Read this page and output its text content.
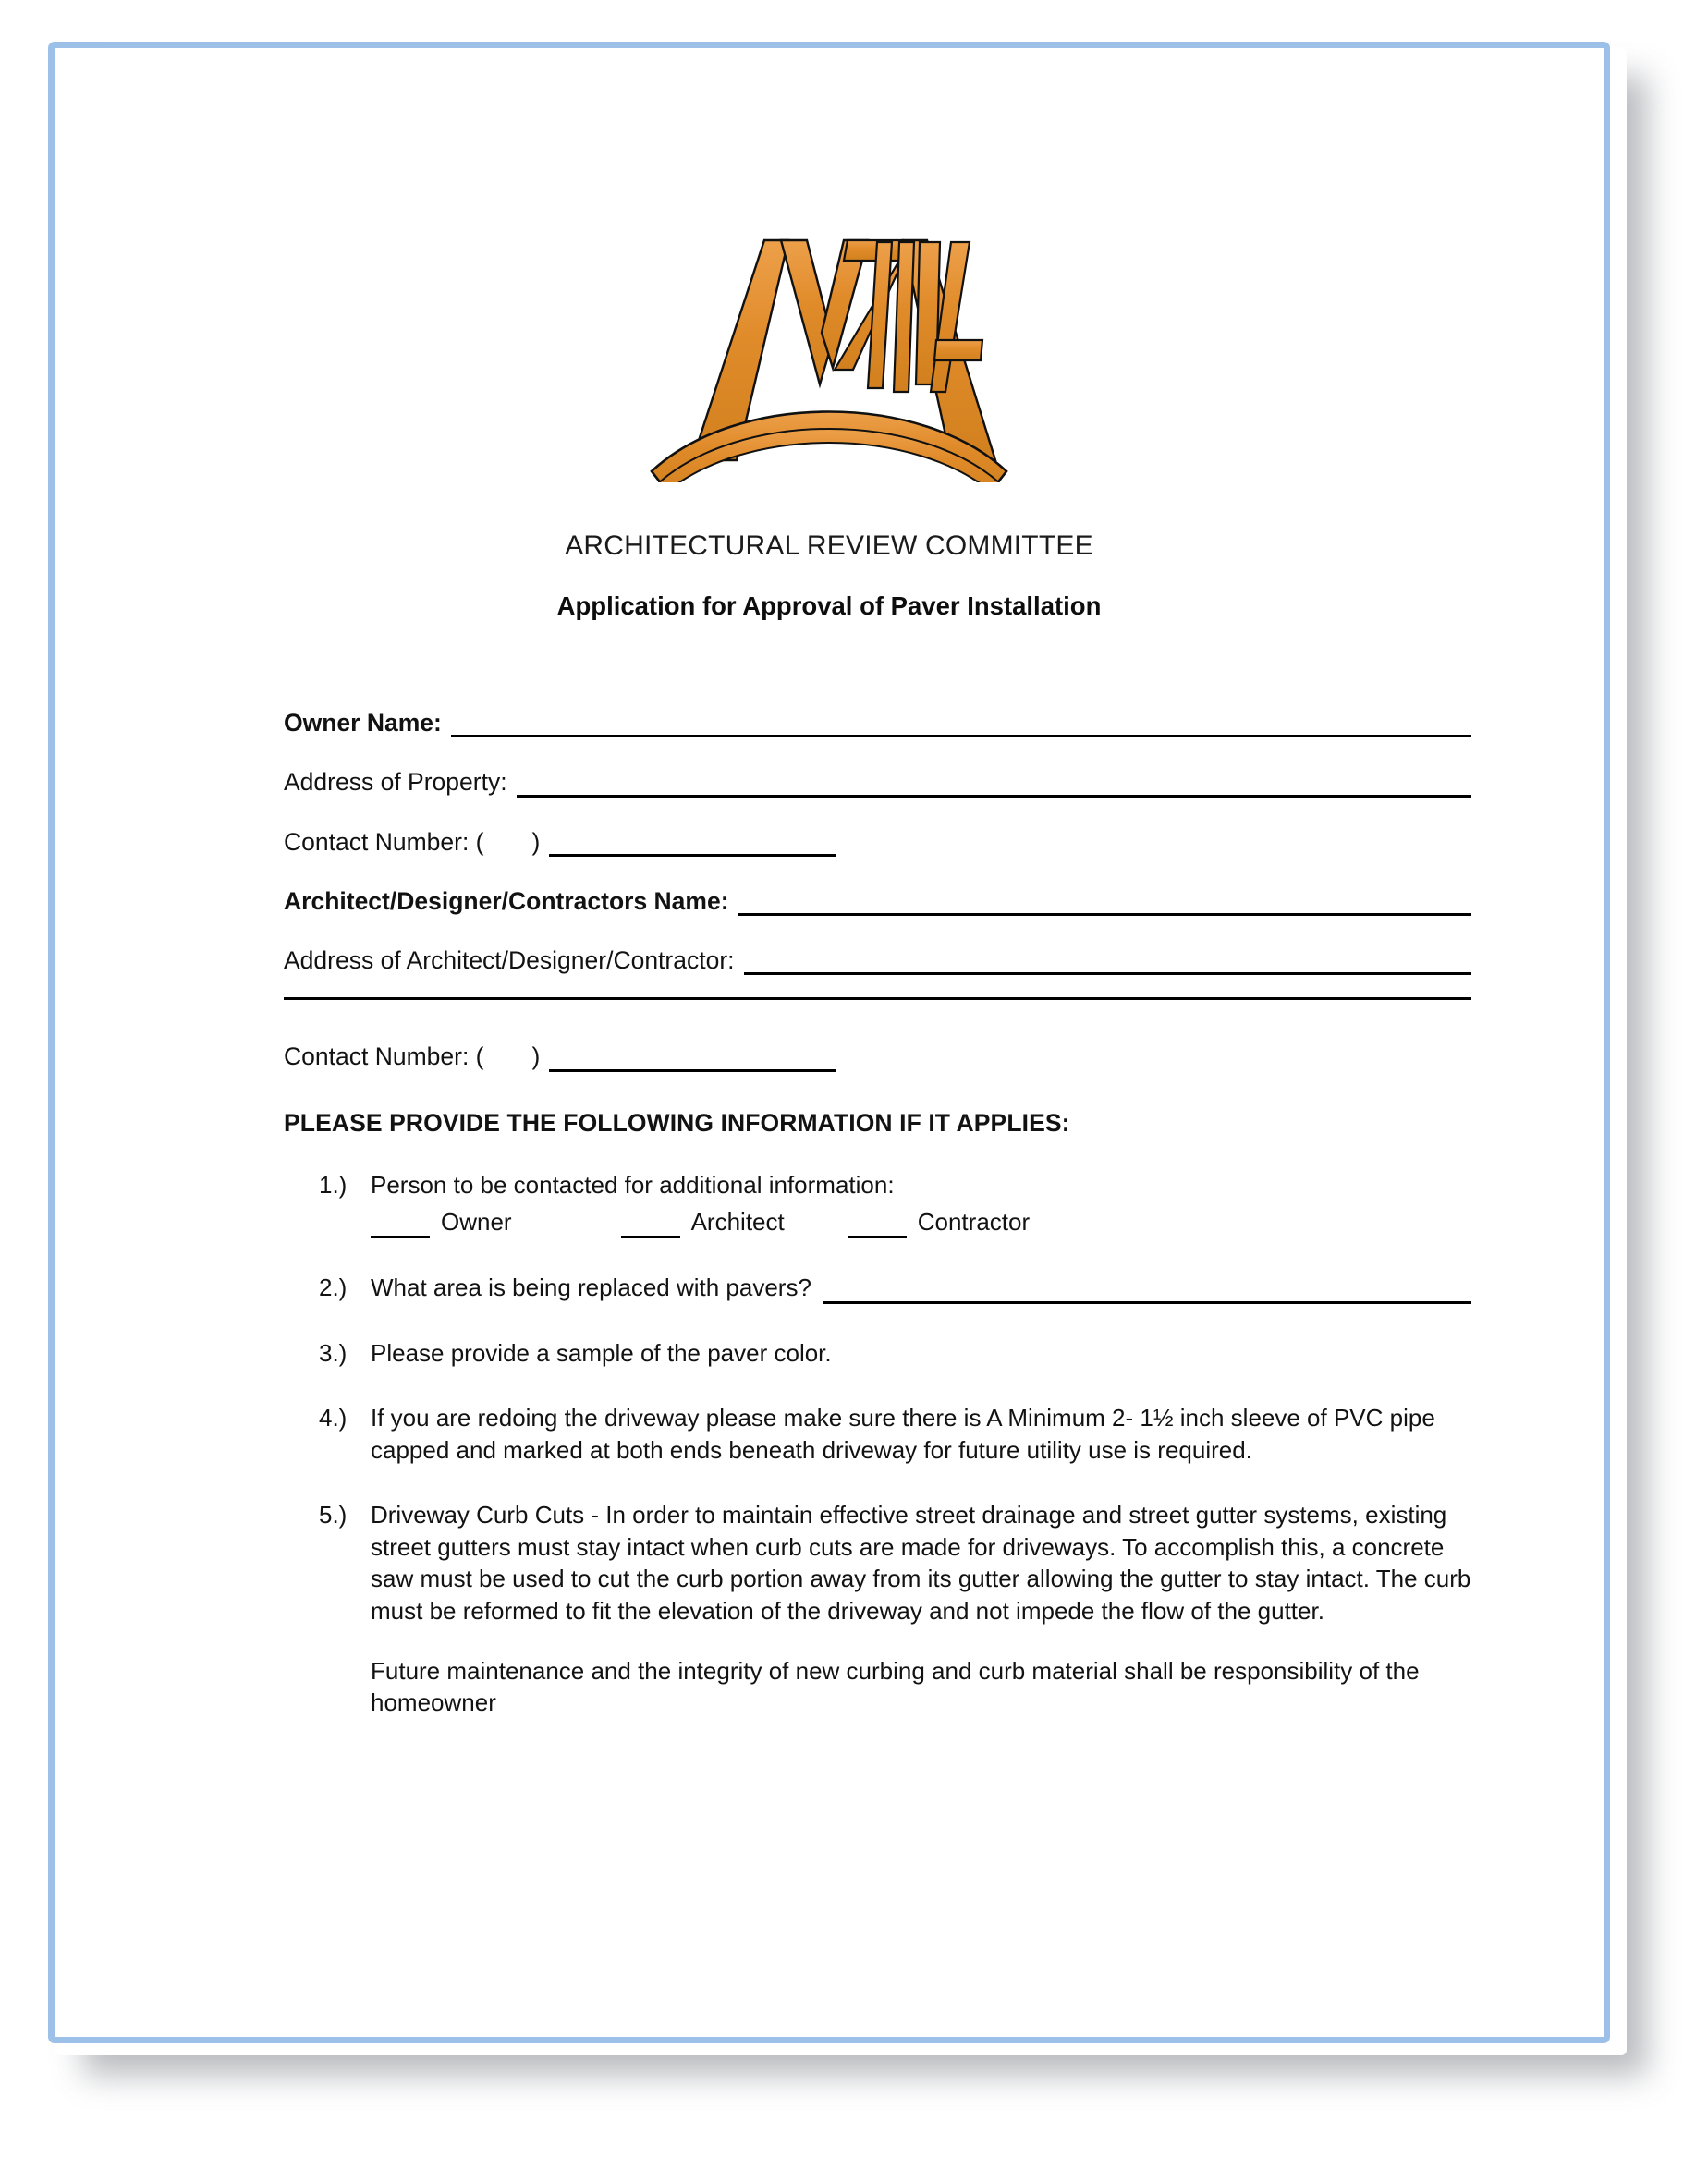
ARCHITECTURAL REVIEW COMMITTEE
Application for Approval of Paver Installation
Owner Name:
Address of Property:
Contact Number: ( )
Architect/Designer/Contractors Name:
Address of Architect/Designer/Contractor:
Contact Number: ( )
PLEASE PROVIDE THE FOLLOWING INFORMATION IF IT APPLIES:
1.) Person to be contacted for additional information:
Owner	Architect	Contractor
2.) What area is being replaced with pavers?
3.) Please provide a sample of the paver color.
4.) If you are redoing the driveway please make sure there is A Minimum 2- 1½ inch sleeve of PVC pipe capped and marked at both ends beneath driveway for future utility use is required.

5.) Driveway Curb Cuts - In order to maintain effective street drainage and street gutter systems, existing street gutters must stay intact when curb cuts are made for driveways. To accomplish this, a concrete saw must be used to cut the curb portion away from its gutter allowing the gutter to stay intact. The curb must be reformed to fit the elevation of the driveway and not impede the flow of the gutter.

Future maintenance and the integrity of new curbing and curb material shall be responsibility of the homeowner
